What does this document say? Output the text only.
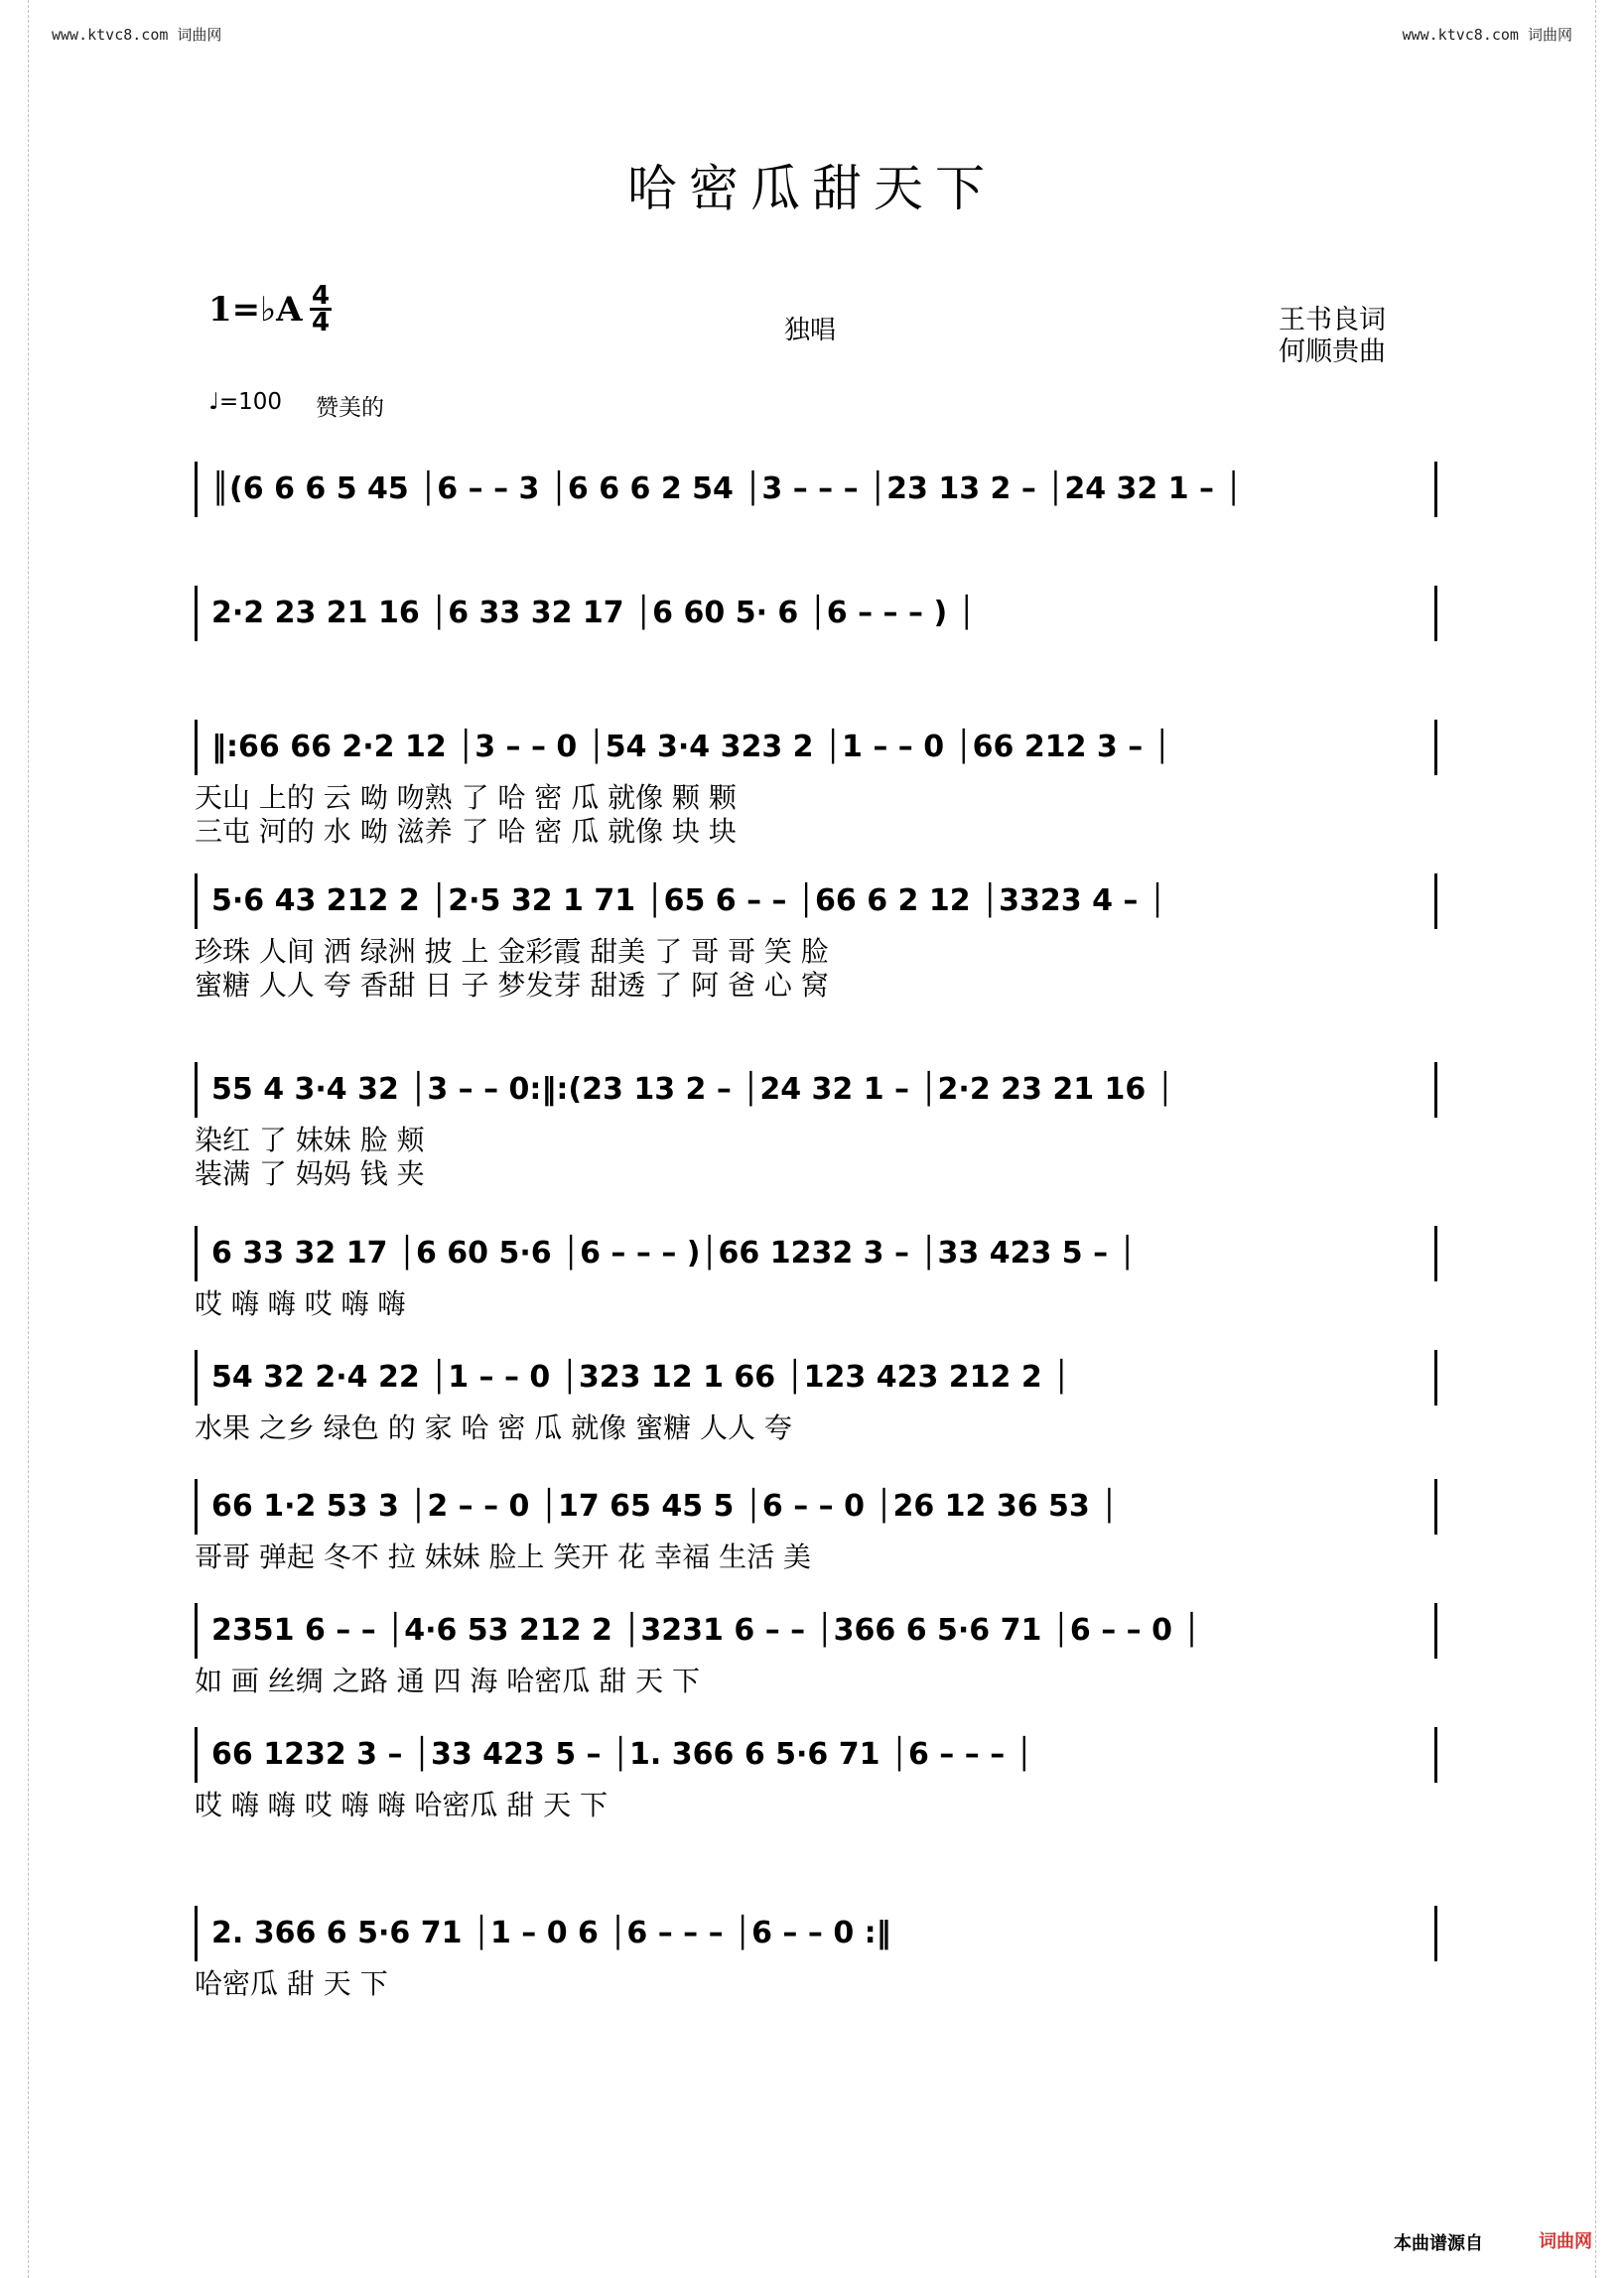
www.ktvc8.com 词曲网	www.ktvc8.com 词曲网
哈密瓜甜天下
1=♭A 4
4	独唱	王书良词
何顺贵曲
♩=100 赞美的
║(6 6 6 5 45 │6 – – 3 │6 6 6 2 54 │3 – – – │23 13 2 – │24 32 1 – │
2·2 23 21 16 │6 33 32 17 │6 60 5· 6 │6 – – – ) │
‖:66 66 2·2 12 │3 – – 0 │54 3·4 323 2 │1 – – 0 │66 212 3 – │
天山 上的 云 呦 吻熟 了 哈 密 瓜 就像 颗 颗
三屯 河的 水 呦 滋养 了 哈 密 瓜 就像 块 块
5·6 43 212 2 │2·5 32 1 71 │65 6 – – │66 6 2 12 │3323 4 – │
珍珠 人间 洒 绿洲 披 上 金彩霞 甜美 了 哥 哥 笑 脸
蜜糖 人人 夸 香甜 日 子 梦发芽 甜透 了 阿 爸 心 窝
55 4 3·4 32 │3 – – 0:‖:(23 13 2 – │24 32 1 – │2·2 23 21 16 │
染红 了 妹妹 脸 颊
装满 了 妈妈 钱 夹
6 33 32 17 │6 60 5·6 │6 – – – )│66 1232 3 – │33 423 5 – │
哎 嗨 嗨 哎 嗨 嗨
54 32 2·4 22 │1 – – 0 │323 12 1 66 │123 423 212 2 │
水果 之乡 绿色 的 家 哈 密 瓜 就像 蜜糖 人人 夸
66 1·2 53 3 │2 – – 0 │17 65 45 5 │6 – – 0 │26 12 36 53 │
哥哥 弹起 冬不 拉 妹妹 脸上 笑开 花 幸福 生活 美
2351 6 – – │4·6 53 212 2 │3231 6 – – │366 6 5·6 71 │6 – – 0 │
如 画 丝绸 之路 通 四 海 哈密瓜 甜 天 下
66 1232 3 – │33 423 5 – │1. 366 6 5·6 71 │6 – – – │
哎 嗨 嗨 哎 嗨 嗨 哈密瓜 甜 天 下
2. 366 6 5·6 71 │1 – 0 6 │6 – – – │6 – – 0 :‖
哈密瓜 甜 天 下
本曲谱源自	词曲网
